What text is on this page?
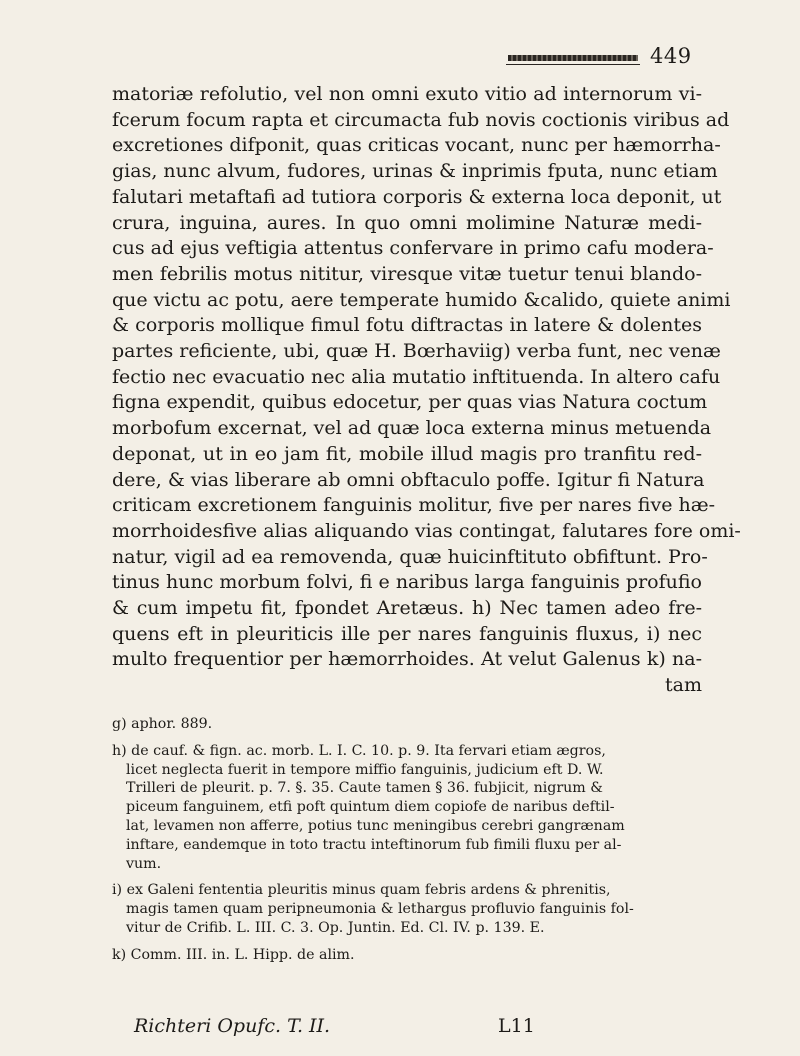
449
matoriæ refolutio, vel non omni exuto vitio ad internorum vi-
fcerum focum rapta et circumacta fub novis coctionis viribus ad
excretiones difponit, quas criticas vocant, nunc per hæmorrha-
gias, nunc alvum, fudores, urinas & inprimis fputa, nunc etiam
falutari metaftafi ad tutiora corporis & externa loca deponit, ut
crura, inguina, aures. In quo omni molimine Naturæ medi-
cus ad ejus veftigia attentus confervare in primo cafu modera-
men febrilis motus nititur, viresque vitæ tuetur tenui blando-
que victu ac potu, aere temperate humido &calido, quiete animi
& corporis mollique fimul fotu diftractas in latere & dolentes
partes reficiente, ubi, quæ H. Bœrhaviig) verba funt, nec venæ
fectio nec evacuatio nec alia mutatio inftituenda. In altero cafu
figna expendit, quibus edocetur, per quas vias Natura coctum
morbofum excernat, vel ad quæ loca externa minus metuenda
deponat, ut in eo jam fit, mobile illud magis pro tranfitu red-
dere, & vias liberare ab omni obftaculo poffe. Igitur fi Natura
criticam excretionem fanguinis molitur, five per nares five hæ-
morrhoidesfive alias aliquando vias contingat, falutares fore omi-
natur, vigil ad ea removenda, quæ huicinftituto obfiftunt. Pro-
tinus hunc morbum folvi, fi e naribus larga fanguinis profufio
& cum impetu fit, fpondet Aretæus. h) Nec tamen adeo fre-
quens eft in pleuriticis ille per nares fanguinis fluxus, i) nec
multo frequentior per hæmorrhoides. At velut Galenus k) na-
tam
g) aphor. 889.
h) de cauf. & fign. ac. morb. L. I. C. 10. p. 9. Ita fervari etiam ægros,
licet neglecta fuerit in tempore miffio fanguinis, judicium eft D. W.
Trilleri de pleurit. p. 7. §. 35. Caute tamen § 36. fubjicit, nigrum &
piceum fanguinem, etfi poft quintum diem copiofe de naribus deftil-
lat, levamen non afferre, potius tunc meningibus cerebri gangrænam
inftare, eandemque in toto tractu inteftinorum fub fimili fluxu per al-
vum.
i) ex Galeni fententia pleuritis minus quam febris ardens & phrenitis,
magis tamen quam peripneumonia & lethargus profluvio fanguinis fol-
vitur de Crifib. L. III. C. 3. Op. Juntin. Ed. Cl. IV. p. 139. E.
k) Comm. III. in. L. Hipp. de alim.
Richteri Opufc. T. II.	L11
